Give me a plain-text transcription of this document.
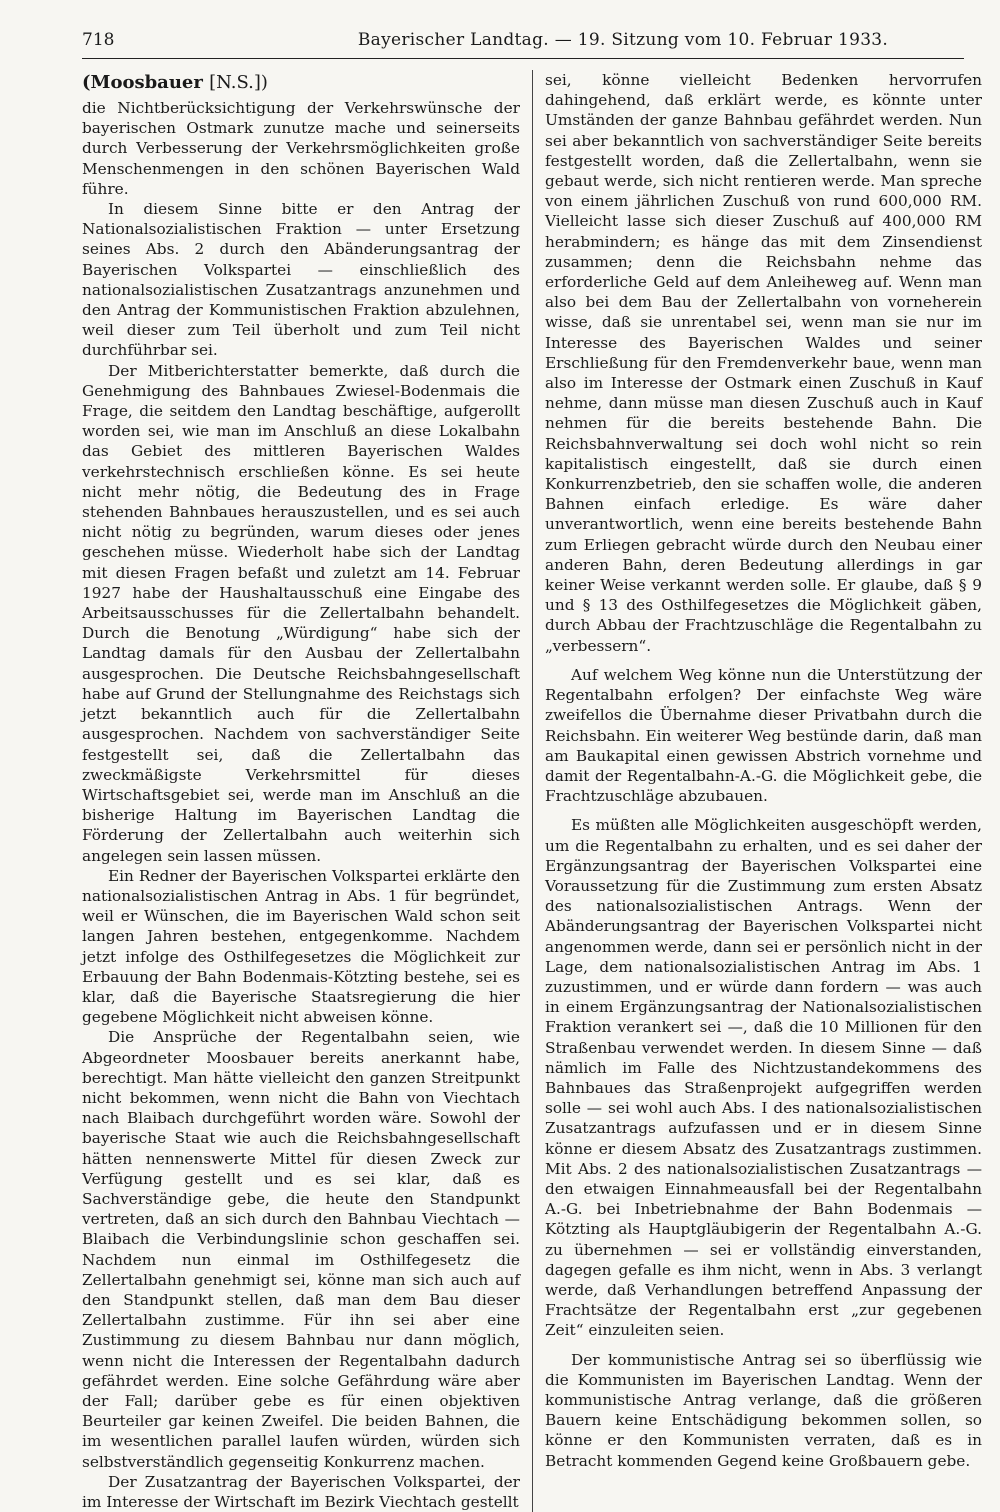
718	Bayerischer Landtag. — 19. Sitzung vom 10. Februar 1933.
(Moosbauer [N.S.])

die Nichtberücksichtigung der Verkehrswünsche der bayerischen Ostmark zunutze mache und seinerseits durch Verbesserung der Verkehrsmöglichkeiten große Menschenmengen in den schönen Bayerischen Wald führe.

In diesem Sinne bitte er den Antrag der Nationalsozialistischen Fraktion — unter Ersetzung seines Abs. 2 durch den Abänderungsantrag der Bayerischen Volkspartei — einschließlich des nationalsozialistischen Zusatzantrags anzunehmen und den Antrag der Kommunistischen Fraktion abzulehnen, weil dieser zum Teil überholt und zum Teil nicht durchführbar sei.

Der Mitberichterstatter bemerkte, daß durch die Genehmigung des Bahnbaues Zwiesel-Bodenmais die Frage, die seitdem den Landtag beschäftige, aufgerollt worden sei, wie man im Anschluß an diese Lokalbahn das Gebiet des mittleren Bayerischen Waldes verkehrstechnisch erschließen könne. Es sei heute nicht mehr nötig, die Bedeutung des in Frage stehenden Bahnbaues herauszustellen, und es sei auch nicht nötig zu begründen, warum dieses oder jenes geschehen müsse. Wiederholt habe sich der Landtag mit diesen Fragen befaßt und zuletzt am 14. Februar 1927 habe der Haushaltausschuß eine Eingabe des Arbeitsausschusses für die Zellertalbahn behandelt. Durch die Benotung „Würdigung“ habe sich der Landtag damals für den Ausbau der Zellertalbahn ausgesprochen. Die Deutsche Reichsbahngesellschaft habe auf Grund der Stellungnahme des Reichstags sich jetzt bekanntlich auch für die Zellertalbahn ausgesprochen. Nachdem von sachverständiger Seite festgestellt sei, daß die Zellertalbahn das zweckmäßigste Verkehrsmittel für dieses Wirtschaftsgebiet sei, werde man im Anschluß an die bisherige Haltung im Bayerischen Landtag die Förderung der Zellertalbahn auch weiterhin sich angelegen sein lassen müssen.

Ein Redner der Bayerischen Volkspartei erklärte den nationalsozialistischen Antrag in Abs. 1 für begründet, weil er Wünschen, die im Bayerischen Wald schon seit langen Jahren bestehen, entgegenkomme. Nachdem jetzt infolge des Osthilfegesetzes die Möglichkeit zur Erbauung der Bahn Bodenmais-Kötzting bestehe, sei es klar, daß die Bayerische Staatsregierung die hier gegebene Möglichkeit nicht abweisen könne.

Die Ansprüche der Regentalbahn seien, wie Abgeordneter Moosbauer bereits anerkannt habe, berechtigt. Man hätte vielleicht den ganzen Streitpunkt nicht bekommen, wenn nicht die Bahn von Viechtach nach Blaibach durchgeführt worden wäre. Sowohl der bayerische Staat wie auch die Reichsbahngesellschaft hätten nennenswerte Mittel für diesen Zweck zur Verfügung gestellt und es sei klar, daß es Sachverständige gebe, die heute den Standpunkt vertreten, daß an sich durch den Bahnbau Viechtach — Blaibach die Verbindungslinie schon geschaffen sei. Nachdem nun einmal im Osthilfegesetz die Zellertalbahn genehmigt sei, könne man sich auch auf den Standpunkt stellen, daß man dem Bau dieser Zellertalbahn zustimme. Für ihn sei aber eine Zustimmung zu diesem Bahnbau nur dann möglich, wenn nicht die Interessen der Regentalbahn dadurch gefährdet werden. Eine solche Gefährdung wäre aber der Fall; darüber gebe es für einen objektiven Beurteiler gar keinen Zweifel. Die beiden Bahnen, die im wesentlichen parallel laufen würden, würden sich selbstverständlich gegenseitig Konkurrenz machen.

Der Zusatzantrag der Bayerischen Volkspartei, der im Interesse der Wirtschaft im Bezirk Viechtach gestellt

sei, könne vielleicht Bedenken hervorrufen dahingehend, daß erklärt werde, es könnte unter Umständen der ganze Bahnbau gefährdet werden. Nun sei aber bekanntlich von sachverständiger Seite bereits festgestellt worden, daß die Zellertalbahn, wenn sie gebaut werde, sich nicht rentieren werde. Man spreche von einem jährlichen Zuschuß von rund 600,000 RM. Vielleicht lasse sich dieser Zuschuß auf 400,000 RM herabmindern; es hänge das mit dem Zinsendienst zusammen; denn die Reichsbahn nehme das erforderliche Geld auf dem Anleiheweg auf. Wenn man also bei dem Bau der Zellertalbahn von vorneherein wisse, daß sie unrentabel sei, wenn man sie nur im Interesse des Bayerischen Waldes und seiner Erschließung für den Fremdenverkehr baue, wenn man also im Interesse der Ostmark einen Zuschuß in Kauf nehme, dann müsse man diesen Zuschuß auch in Kauf nehmen für die bereits bestehende Bahn. Die Reichsbahnverwaltung sei doch wohl nicht so rein kapitalistisch eingestellt, daß sie durch einen Konkurrenzbetrieb, den sie schaffen wolle, die anderen Bahnen einfach erledige. Es wäre daher unverantwortlich, wenn eine bereits bestehende Bahn zum Erliegen gebracht würde durch den Neubau einer anderen Bahn, deren Bedeutung allerdings in gar keiner Weise verkannt werden solle. Er glaube, daß § 9 und § 13 des Osthilfegesetzes die Möglichkeit gäben, durch Abbau der Frachtzuschläge die Regentalbahn zu „verbessern“.

Auf welchem Weg könne nun die Unterstützung der Regentalbahn erfolgen? Der einfachste Weg wäre zweifellos die Übernahme dieser Privatbahn durch die Reichsbahn. Ein weiterer Weg bestünde darin, daß man am Baukapital einen gewissen Abstrich vornehme und damit der Regentalbahn-A.-G. die Möglichkeit gebe, die Frachtzuschläge abzubauen.

Es müßten alle Möglichkeiten ausgeschöpft werden, um die Regentalbahn zu erhalten, und es sei daher der Ergänzungsantrag der Bayerischen Volkspartei eine Voraussetzung für die Zustimmung zum ersten Absatz des nationalsozialistischen Antrags. Wenn der Abänderungsantrag der Bayerischen Volkspartei nicht angenommen werde, dann sei er persönlich nicht in der Lage, dem nationalsozialistischen Antrag im Abs. 1 zuzustimmen, und er würde dann fordern — was auch in einem Ergänzungsantrag der Nationalsozialistischen Fraktion verankert sei —, daß die 10 Millionen für den Straßenbau verwendet werden. In diesem Sinne — daß nämlich im Falle des Nichtzustandekommens des Bahnbaues das Straßenprojekt aufgegriffen werden solle — sei wohl auch Abs. I des nationalsozialistischen Zusatzantrags aufzufassen und er in diesem Sinne könne er diesem Absatz des Zusatzantrags zustimmen. Mit Abs. 2 des nationalsozialistischen Zusatzantrags — den etwaigen Einnahmeausfall bei der Regentalbahn A.-G. bei Inbetriebnahme der Bahn Bodenmais — Kötzting als Hauptgläubigerin der Regentalbahn A.-G. zu übernehmen — sei er vollständig einverstanden, dagegen gefalle es ihm nicht, wenn in Abs. 3 verlangt werde, daß Verhandlungen betreffend Anpassung der Frachtsätze der Regentalbahn erst „zur gegebenen Zeit“ einzuleiten seien.

Der kommunistische Antrag sei so überflüssig wie die Kommunisten im Bayerischen Landtag. Wenn der kommunistische Antrag verlange, daß die größeren Bauern keine Entschädigung bekommen sollen, so könne er den Kommunisten verraten, daß es in Betracht kommenden Gegend keine Großbauern gebe.
